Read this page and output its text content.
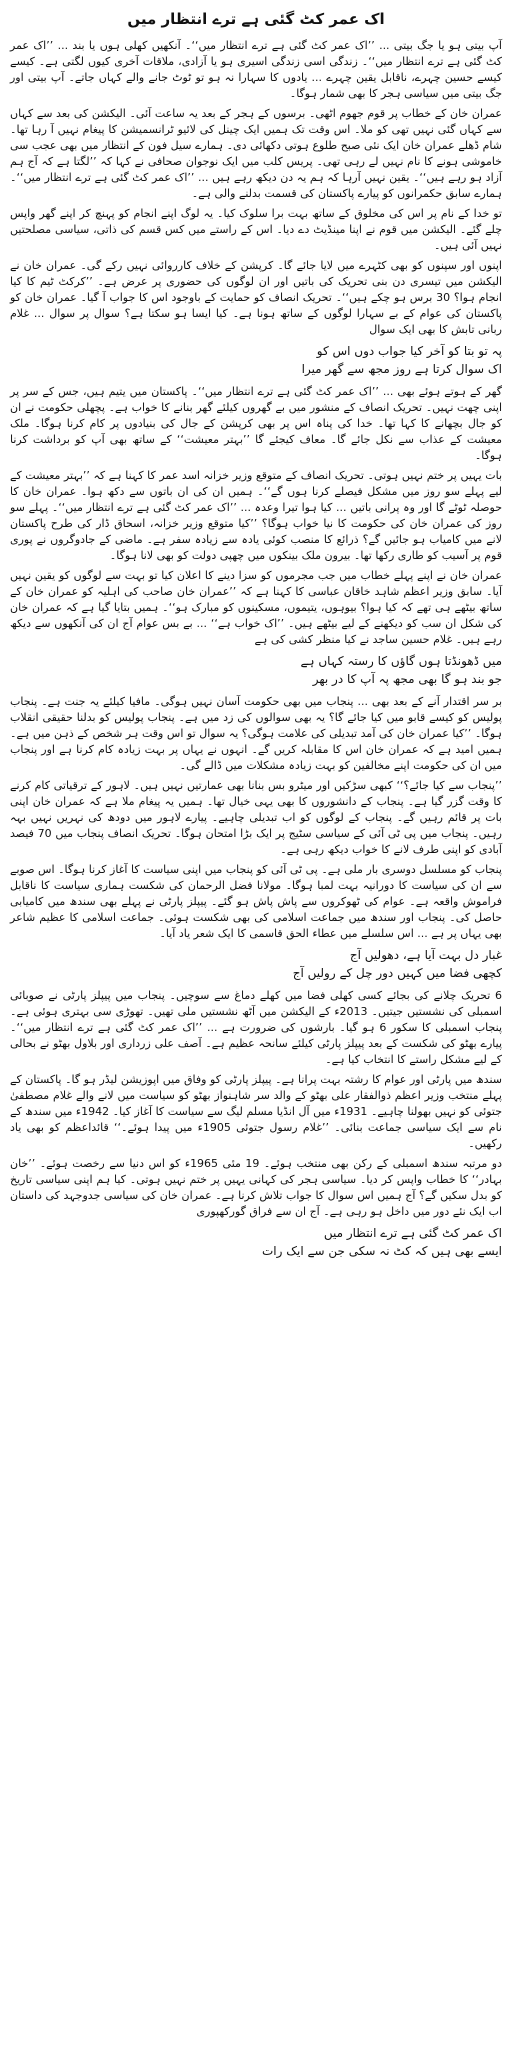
اک عمر کٹ گئی ہے ترے انتظار میں

آپ بیتی ہو یا جگ بیتی ... ’’اک عمر کٹ گئی ہے ترے انتظار میں‘‘۔ آنکھیں کھلی ہوں یا بند ... ’’اک عمر کٹ گئی ہے ترے انتظار میں‘‘۔ زندگی اسی زندگی اسیری ہو یا آزادی، ملاقات آخری کیوں لگتی ہے۔ کیسے کیسے حسین چہرے، ناقابل یقین چہرے ... یادوں کا سہارا نہ ہو تو ٹوٹ جانے والے کہاں جاتے۔ آپ بیتی اور جگ بیتی میں سیاسی ہجر کا بھی شمار ہوگا۔

عمران خان کے خطاب پر قوم جھوم اٹھی۔ برسوں کے ہجر کے بعد یہ ساعت آئی۔ الیکشن کی بعد سے کہاں سے کہاں گئی نہیں تھی کو ملا۔ اس وقت تک ہمیں ایک چینل کی لائیو ٹرانسمیشن کا پیغام نہیں آ رہا تھا۔ شام ڈھلے عمران خان ایک نئی صبح طلوع ہوتی دکھائی دی۔ ہمارے سیل فون کے انتظار میں بھی عجب سی خاموشی ہونے کا نام نہیں لے رہی تھی۔ پریس کلب میں ایک نوجوان صحافی نے کہا کہ ’’لگتا ہے کہ آج ہم آزاد ہو رہے ہیں‘‘۔ یقین نہیں آرہا کہ ہم یہ دن دیکھ رہے ہیں ... ’’اک عمر کٹ گئی ہے ترے انتظار میں‘‘۔ ہمارے سابق حکمرانوں کو پیارے پاکستان کی قسمت بدلنے والی ہے۔

تو خدا کے نام پر اس کی مخلوق کے ساتھ بہت برا سلوک کیا۔ یہ لوگ اپنے انجام کو پہنچ کر اپنے گھر واپس چلے گئے۔ الیکشن میں قوم نے اپنا مینڈیٹ دے دیا۔ اس کے راستے میں کس قسم کی ذاتی، سیاسی مصلحتیں نہیں آئی ہیں۔

اپنوں اور سپنوں کو بھی کٹہرے میں لایا جائے گا۔ کرپشن کے خلاف کارروائی نہیں رکے گی۔ عمران خان نے الیکشن میں تیسری دن بنی تحریک کی باتیں اور ان لوگوں کی حضوری پر عرض ہے۔ ’’کرکٹ ٹیم کا کیا انجام ہوا؟ 30 برس ہو چکے ہیں‘‘۔ تحریک انصاف کو حمایت کے باوجود اس کا جواب آ گیا۔ عمران خان کو پاکستان کی عوام کے بے سہارا لوگوں کے ساتھ ہونا ہے۔ کیا ایسا ہو سکتا ہے؟ سوال پر سوال ... غلام ربانی تابش کا بھی ایک سوال

پہ تو بتا کو آخر کیا جواب دوں اس کو
اک سوال کرتا ہے روز مجھ سے گھر میرا

گھر کے ہوتے ہوئے بھی ... ’’اک عمر کٹ گئی ہے ترے انتظار میں‘‘۔ پاکستان میں یتیم ہیں، جس کے سر پر اپنی چھت نہیں۔ تحریک انصاف کے منشور میں بے گھروں کیلئے گھر بنانے کا خواب ہے۔ پچھلی حکومت نے ان کو جال بچھانے کا کہا تھا۔ خدا کی پناہ اس پر بھی کرپشن کے جال کی بنیادوں پر کام کرنا ہوگا۔ ملک معیشت کے عذاب سے نکل جائے گا۔ معاف کیجئے گا ’’بہتر معیشت‘‘ کے ساتھ بھی آپ کو برداشت کرنا ہوگا۔

بات یہیں پر ختم نہیں ہوتی۔ تحریک انصاف کے متوقع وزیر خزانہ اسد عمر کا کہنا ہے کہ ’’بہتر معیشت کے لیے پہلے سو روز میں مشکل فیصلے کرنا ہوں گے‘‘۔ ہمیں ان کی ان باتوں سے دکھ ہوا۔ عمران خان کا حوصلہ ٹوٹے گا اور وہ پرانی باتیں ... کیا ہوا تیرا وعدہ ... ’’اک عمر کٹ گئی ہے ترے انتظار میں‘‘۔ پہلے سو روز کی عمران خان کی حکومت کا نیا خواب ہوگا؟ ’’کیا متوقع وزیر خزانہ، اسحاق ڈار کی طرح پاکستان لانے میں کامیاب ہو جائیں گے؟ ذرائع کا منصب کوئی یادہ سے زیادہ سفر ہے۔ ماضی کے جادوگروں نے پوری قوم پر آسیب کو طاری رکھا تھا۔ بیرون ملک بینکوں میں چھپی دولت کو بھی لانا ہوگا۔

عمران خان نے اپنے پہلے خطاب میں جب مجرموں کو سزا دینے کا اعلان کیا تو بہت سے لوگوں کو یقین نہیں آیا۔ سابق وزیر اعظم شاہد خاقان عباسی کا کہنا ہے کہ ’’عمران خان صاحب کی اہلیہ کو عمران خان کے ساتھ بیٹھے ہی تھے کہ کیا ہوا؟ بیوہوں، یتیموں، مسکینوں کو مبارک ہو‘‘۔ ہمیں بتایا گیا ہے کہ عمران خان کی شکل ان سب کو دیکھنے کے لیے بیٹھے ہیں۔ ’’اک خواب ہے‘‘ ... بے بس عوام آج ان کی آنکھوں سے دیکھ رہے ہیں۔ غلام حسین ساجد نے کیا منظر کشی کی ہے

میں ڈھونڈتا ہوں گاؤں کا رستہ کہاں ہے
جو بند ہو گا بھی مجھ پہ آپ کا در بھر

بر سر اقتدار آنے کے بعد بھی ... پنجاب میں بھی حکومت آسان نہیں ہوگی۔ مافیا کیلئے یہ جنت ہے۔ پنجاب پولیس کو کیسے قابو میں کیا جائے گا؟ یہ بھی سوالوں کی زد میں ہے۔ پنجاب پولیس کو بدلنا حقیقی انقلاب ہوگا۔ ’’کیا عمران خان کی آمد تبدیلی کی علامت ہوگی؟ یہ سوال تو اس وقت ہر شخص کے ذہن میں ہے۔ ہمیں امید ہے کہ عمران خان اس کا مقابلہ کریں گے۔ انہوں نے یہاں پر بہت زیادہ کام کرنا ہے اور پنجاب میں ان کی حکومت اپنے مخالفین کو بہت زیادہ مشکلات میں ڈالے گی۔

’’پنجاب سے کیا جائے؟‘‘ کبھی سڑکیں اور میٹرو بس بنانا بھی عمارتیں نہیں ہیں۔ لاہور کے ترقیاتی کام کرنے کا وقت گزر گیا ہے۔ پنجاب کے دانشوروں کا بھی یہی خیال تھا۔ ہمیں یہ پیغام ملا ہے کہ عمران خان اپنی بات پر قائم رہیں گے۔ پنجاب کے لوگوں کو اب تبدیلی چاہیے۔ پیارے لاہور میں دودھ کی نہریں نہیں بہہ رہیں۔ پنجاب میں پی ٹی آئی کے سیاسی سٹیج پر ایک بڑا امتحان ہوگا۔ تحریک انصاف پنجاب میں 70 فیصد آبادی کو اپنی طرف لانے کا خواب دیکھ رہی ہے۔

پنجاب کو مسلسل دوسری بار ملی ہے۔ پی ٹی آئی کو پنجاب میں اپنی سیاست کا آغاز کرنا ہوگا۔ اس صوبے سے ان کی سیاست کا دورانیہ بہت لمبا ہوگا۔ مولانا فضل الرحمان کی شکست ہماری سیاست کا ناقابل فراموش واقعہ ہے۔ عوام کی ٹھوکروں سے پاش پاش ہو گئے۔ پیپلز پارٹی نے پہلے بھی سندھ میں کامیابی حاصل کی۔ پنجاب اور سندھ میں جماعت اسلامی کی بھی شکست ہوئی۔ جماعت اسلامی کا عظیم شاعر بھی یہاں پر ہے ... اس سلسلے میں عطاء الحق قاسمی کا ایک شعر یاد آیا۔

غبار دل بہت آیا ہے، دھولیں آج
کچھی فضا میں کہیں دور چل کے رولیں آج

6 تحریک چلانے کی بجائے کسی کھلی فضا میں کھلے دماغ سے سوچیں۔ پنجاب میں پیپلز پارٹی نے صوبائی اسمبلی کی نشستیں جیتیں۔ 2013ء کے الیکشن میں آٹھ نشستیں ملی تھیں۔ تھوڑی سی بہتری ہوئی ہے۔ پنجاب اسمبلی کا سکور 6 ہو گیا۔ بارشوں کی ضرورت ہے ... ’’اک عمر کٹ گئی ہے ترے انتظار میں‘‘۔ پیارے بھٹو کی شکست کے بعد پیپلز پارٹی کیلئے سانحہ عظیم ہے۔ آصف علی زرداری اور بلاول بھٹو نے بحالی کے لیے مشکل راستے کا انتخاب کیا ہے۔

سندھ میں پارٹی اور عوام کا رشتہ بہت پرانا ہے۔ پیپلز پارٹی کو وفاق میں اپوزیشن لیڈر ہو گا۔ پاکستان کے پہلے منتخب وزیر اعظم ذوالفقار علی بھٹو کے والد سر شاہنواز بھٹو کو سیاست میں لانے والے غلام مصطفیٰ جتوئی کو نہیں بھولنا چاہیے۔ 1931ء میں آل انڈیا مسلم لیگ سے سیاست کا آغاز کیا۔ 1942ء میں سندھ کے نام سے ایک سیاسی جماعت بنائی۔ ’’غلام رسول جتوئی 1905ء میں پیدا ہوئے۔‘‘ قائداعظم کو بھی یاد رکھیں۔

دو مرتبہ سندھ اسمبلی کے رکن بھی منتخب ہوئے۔ 19 مئی 1965ء کو اس دنیا سے رخصت ہوئے۔ ’’خان بہادر‘‘ کا خطاب واپس کر دیا۔ سیاسی ہجر کی کہانی یہیں پر ختم نہیں ہوتی۔ کیا ہم اپنی سیاسی تاریخ کو بدل سکیں گے؟ آج ہمیں اس سوال کا جواب تلاش کرنا ہے۔ عمران خان کی سیاسی جدوجہد کی داستان اب ایک نئے دور میں داخل ہو رہی ہے۔ آج ان سے فراق گورکھپوری

اک عمر کٹ گئی ہے ترے انتظار میں
ایسے بھی ہیں کہ کٹ نہ سکی جن سے ایک رات
